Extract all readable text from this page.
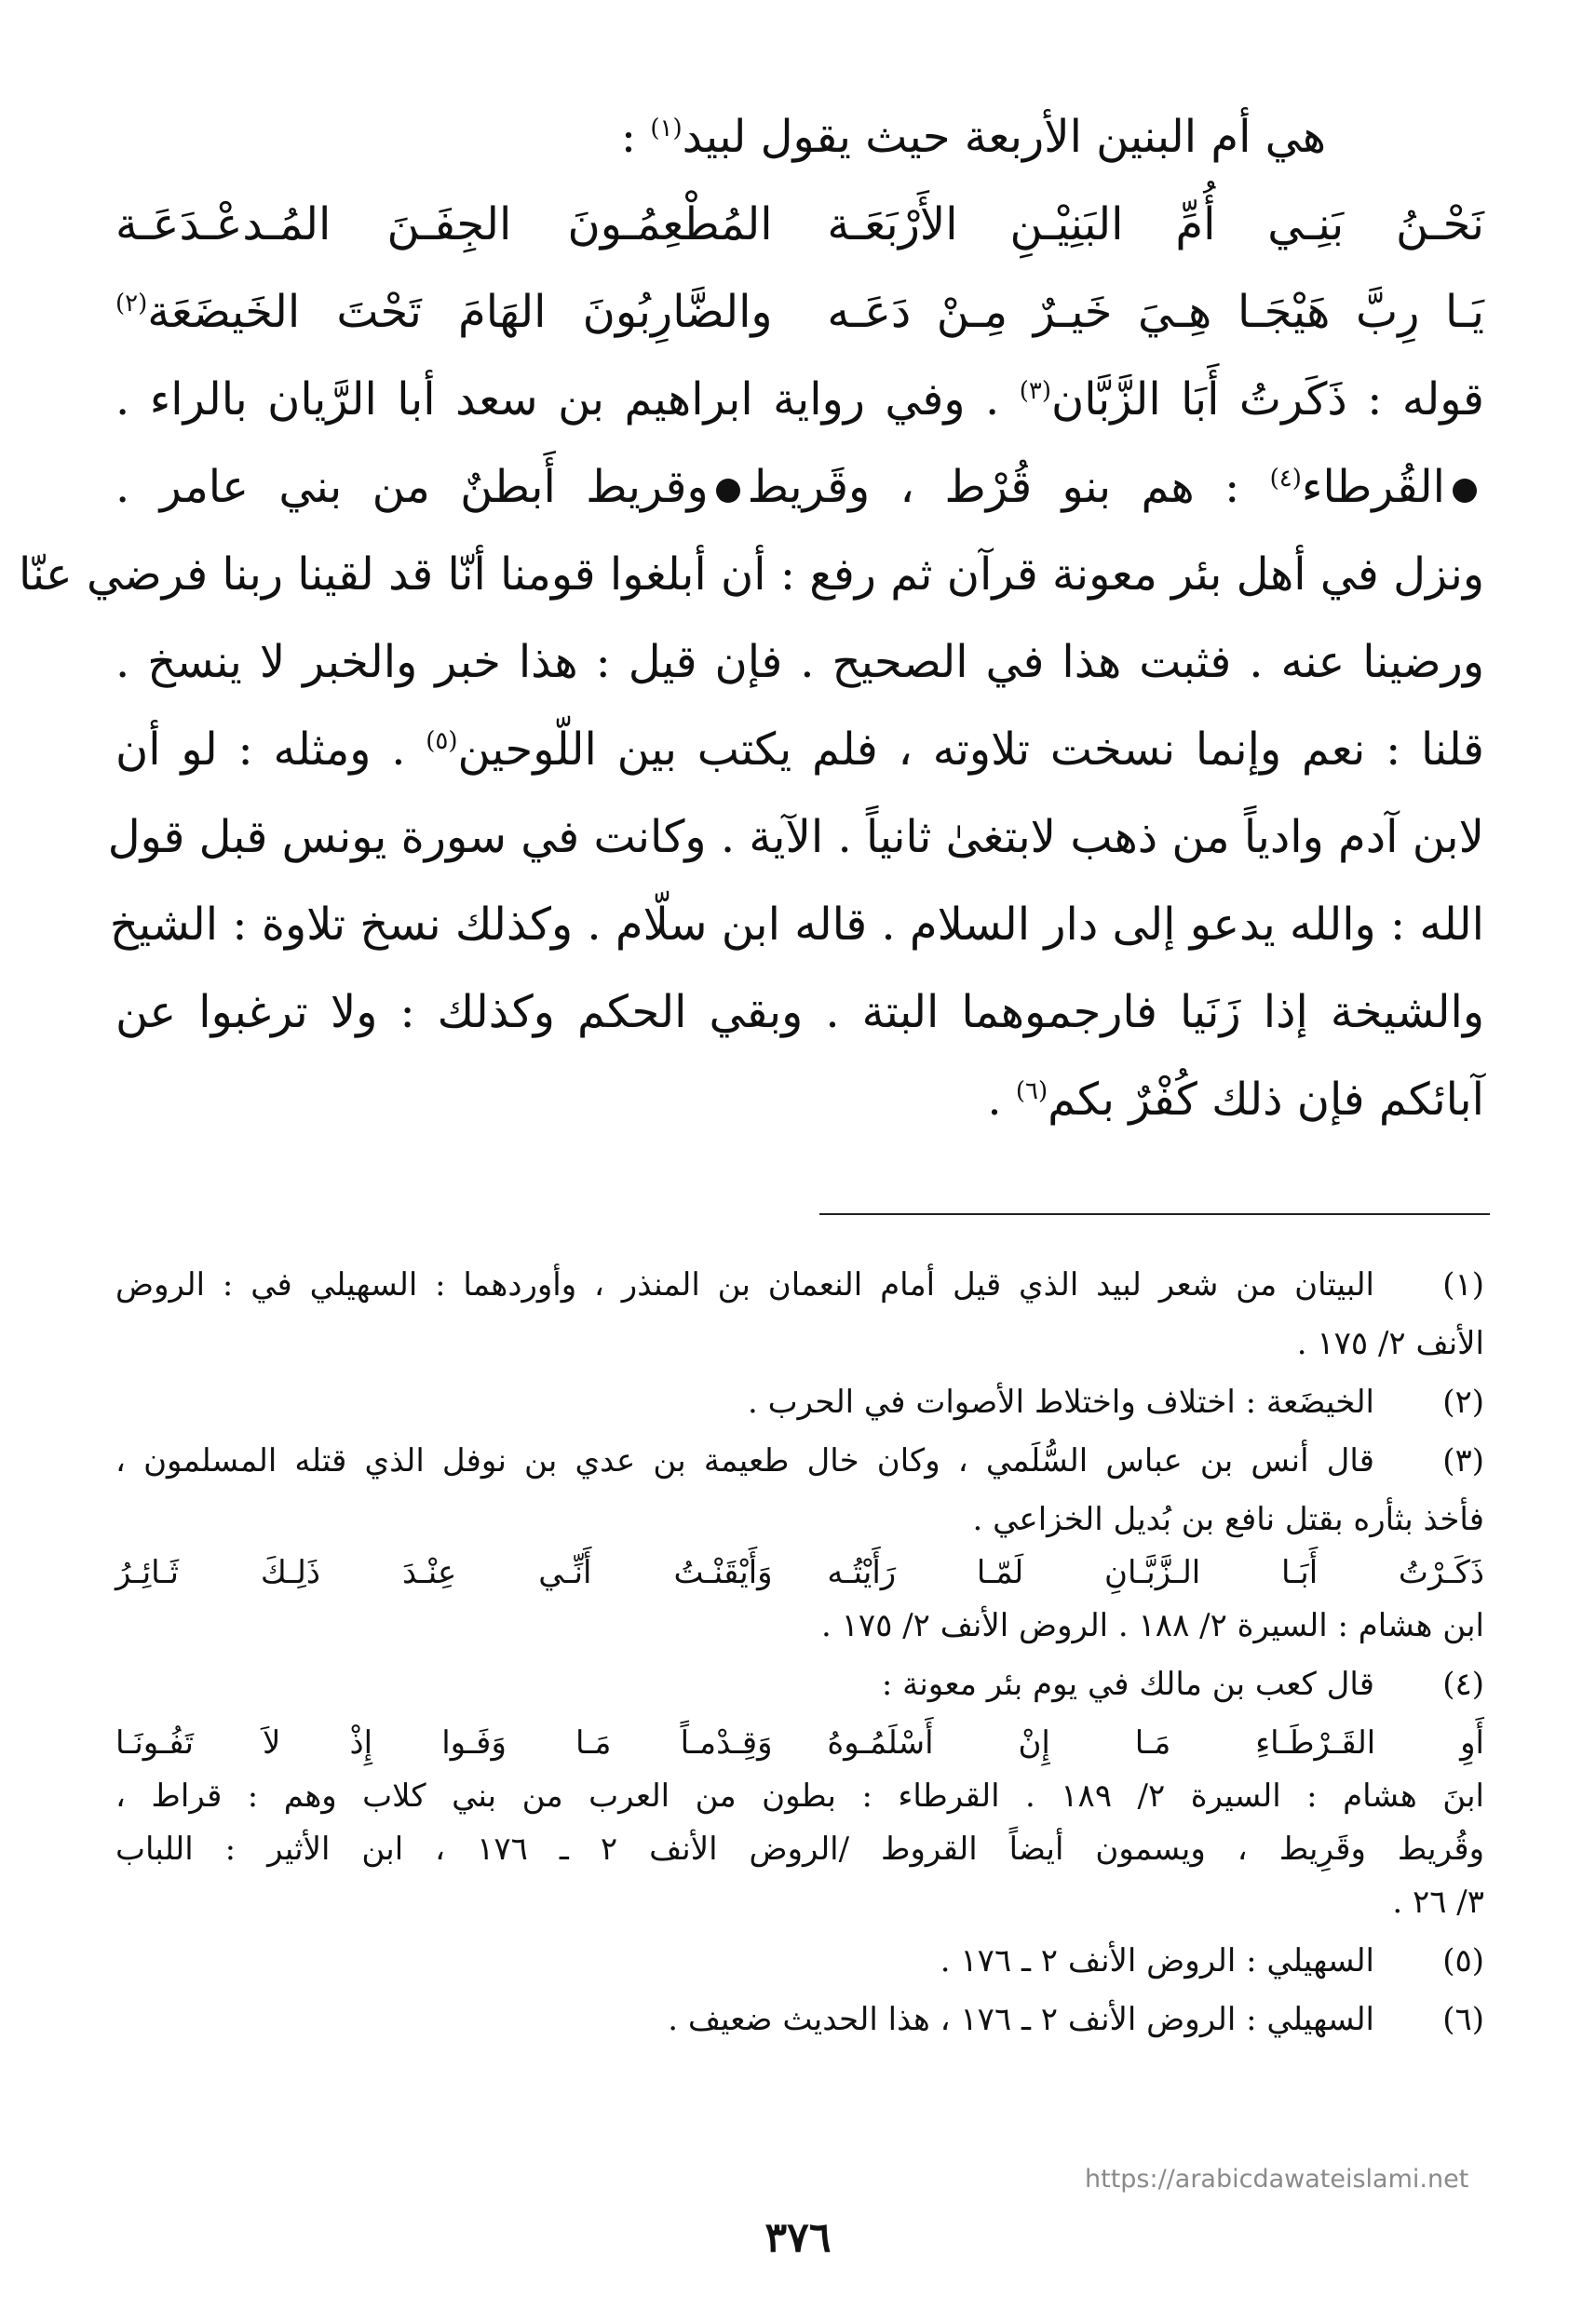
هي أم البنين الأربعة حيث يقول لبيد$^{(١)}$ :
نَحْـنُ بَنِـي أُمِّ البَنِيْـنِ الأَرْبَعَـة
المُطْعِمُـونَ الجِفَـنَ المُـدعْـدَعَـة
يَـا رِبَّ هَيْجَـا هِـيَ خَيـرٌ مِـنْ دَعَـه
والضَّارِبُونَ الهَامَ تَحْتَ الخَيضَعَة$^{(٢)}$
قوله : ذَكَرتُ أَبَا الزَّبَّان$^{(٣)}$ . وفي رواية ابراهيم بن سعد أبا الرَّيان بالراء .
القُرطاء$^{(٤)}$ : هم بنو قُرْط ، وقَريطوقريط أَبطنٌ من بني عامر .
ونزل في أهل بئر معونة قرآن ثم رفع : أن أبلغوا قومنا أنّا قد لقينا ربنا فرضي عنّا
ورضينا عنه . فثبت هذا في الصحيح . فإن قيل : هذا خبر والخبر لا ينسخ .
قلنا : نعم وإنما نسخت تلاوته ، فلم يكتب بين اللّوحين$^{(٥)}$ . ومثله : لو أن
لابن آدم وادياً من ذهب لابتغىٰ ثانياً . الآية . وكانت في سورة يونس قبل قول
الله : والله يدعو إلى دار السلام . قاله ابن سلّام . وكذلك نسخ تلاوة : الشيخ
والشيخة إذا زَنَيا فارجموهما البتة . وبقي الحكم وكذلك : ولا ترغبوا عن
آبائكم فإن ذلك كُفْرٌ بكم$^{(٦)}$ .
(١)
البيتان من شعر لبيد الذي قيل أمام النعمان بن المنذر ، وأوردهما : السهيلي في : الروض
الأنف ٢/ ١٧٥ .
(٢)
الخيضَعة : اختلاف واختلاط الأصوات في الحرب .
(٣)
قال أنس بن عباس السُّلَمي ، وكان خال طعيمة بن عدي بن نوفل الذي قتله المسلمون ،
فأخذ بثأره بقتل نافع بن بُديل الخزاعي .
ذَكَـرْتُ أَبَـا الـزَّبَّـانِ لَمّـا رَأَيْتُـه
وَأَيْقَنْـتُ أَنِّـي عِنْـدَ ذَلِـكَ ثَـائِـرُ
ابن هشام : السيرة ٢/ ١٨٨ . الروض الأنف ٢/ ١٧٥ .
(٤)
قال كعب بن مالك في يوم بئر معونة :
أَوِ القَـرْطَـاءِ مَـا إِنْ أَسْلَمُـوهُ
وَقِـدْمـاً مَـا وَفَـوا إِذْ لاَ تَفُـونَـا
ابنَ هشام : السيرة ٢/ ١٨٩ . القرطاء : بطون من العرب من بني كلاب وهم : قراط ،
وقُريط وقَرِيط ، ويسمون أيضاً القروط /الروض الأنف ٢ ـ ١٧٦ ، ابن الأثير : اللباب
٣/ ٢٦ .
(٥)
السهيلي : الروض الأنف ٢ ـ ١٧٦ .
(٦)
السهيلي : الروض الأنف ٢ ـ ١٧٦ ، هذا الحديث ضعيف .
https://arabicdawateislami.net
٣٧٦
